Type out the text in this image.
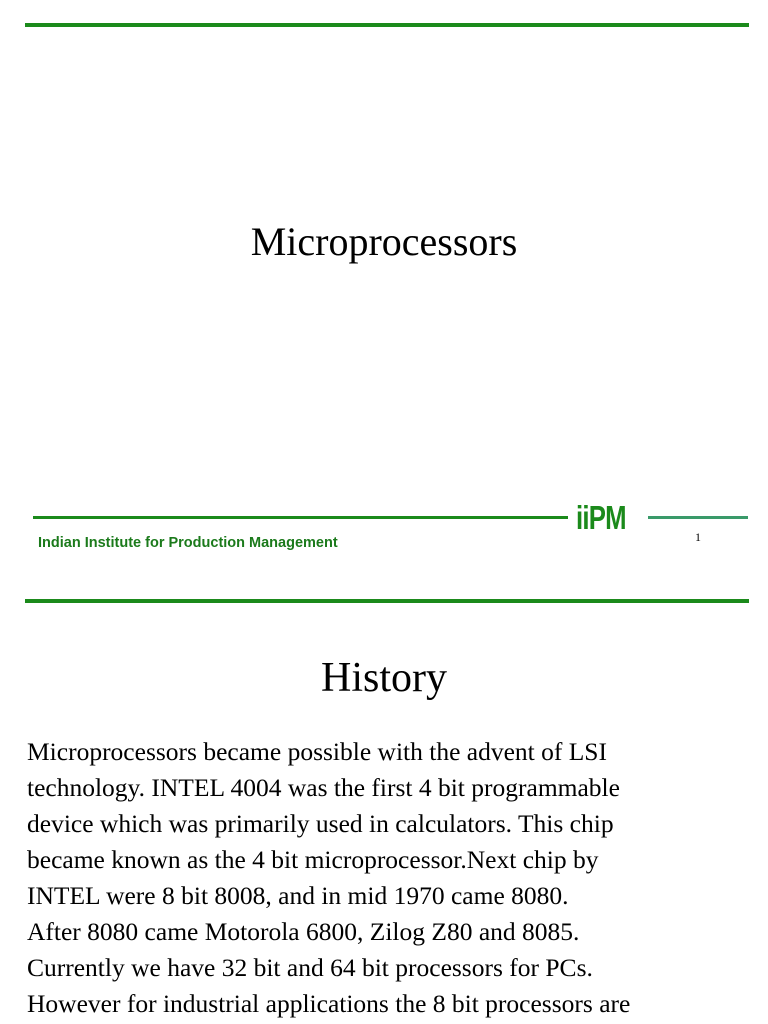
Microprocessors
iiPM
Indian Institute for Production Management	1
History

Microprocessors became possible with the advent of LSI
technology. INTEL 4004 was the first 4 bit programmable
device which was primarily used in calculators. This chip
became known as the 4 bit microprocessor.Next chip by
INTEL were 8 bit 8008, and in mid 1970 came 8080.
After 8080 came Motorola 6800, Zilog Z80 and 8085.
Currently we have 32 bit and 64 bit processors for PCs.
However for industrial applications the 8 bit processors are
